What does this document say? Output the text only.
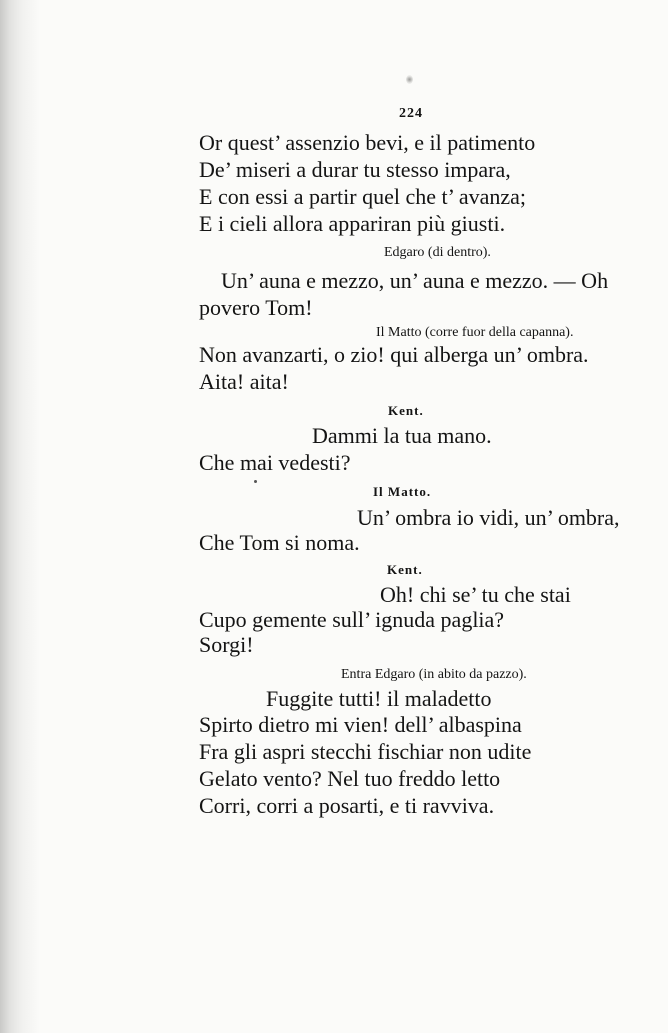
224
Or quest’ assenzio bevi, e il patimento
De’ miseri a durar tu stesso impara,
E con essi a partir quel che t’ avanza;
E i cieli allora appariran più giusti.
Edgaro (di dentro).
Un’ auna e mezzo, un’ auna e mezzo. — Oh
povero Tom!
Il Matto (corre fuor della capanna).
Non avanzarti, o zio! qui alberga un’ ombra.
Aita! aita!
Kent.
Dammi la tua mano.
Che mai vedesti?
Il Matto.
Un’ ombra io vidi, un’ ombra,
Che Tom si noma.
Kent.
Oh! chi se’ tu che stai
Cupo gemente sull’ ignuda paglia?
Sorgi!
Entra Edgaro (in abito da pazzo).
Fuggite tutti! il maladetto
Spirto dietro mi vien! dell’ albaspina
Fra gli aspri stecchi fischiar non udite
Gelato vento? Nel tuo freddo letto
Corri, corri a posarti, e ti ravviva.
